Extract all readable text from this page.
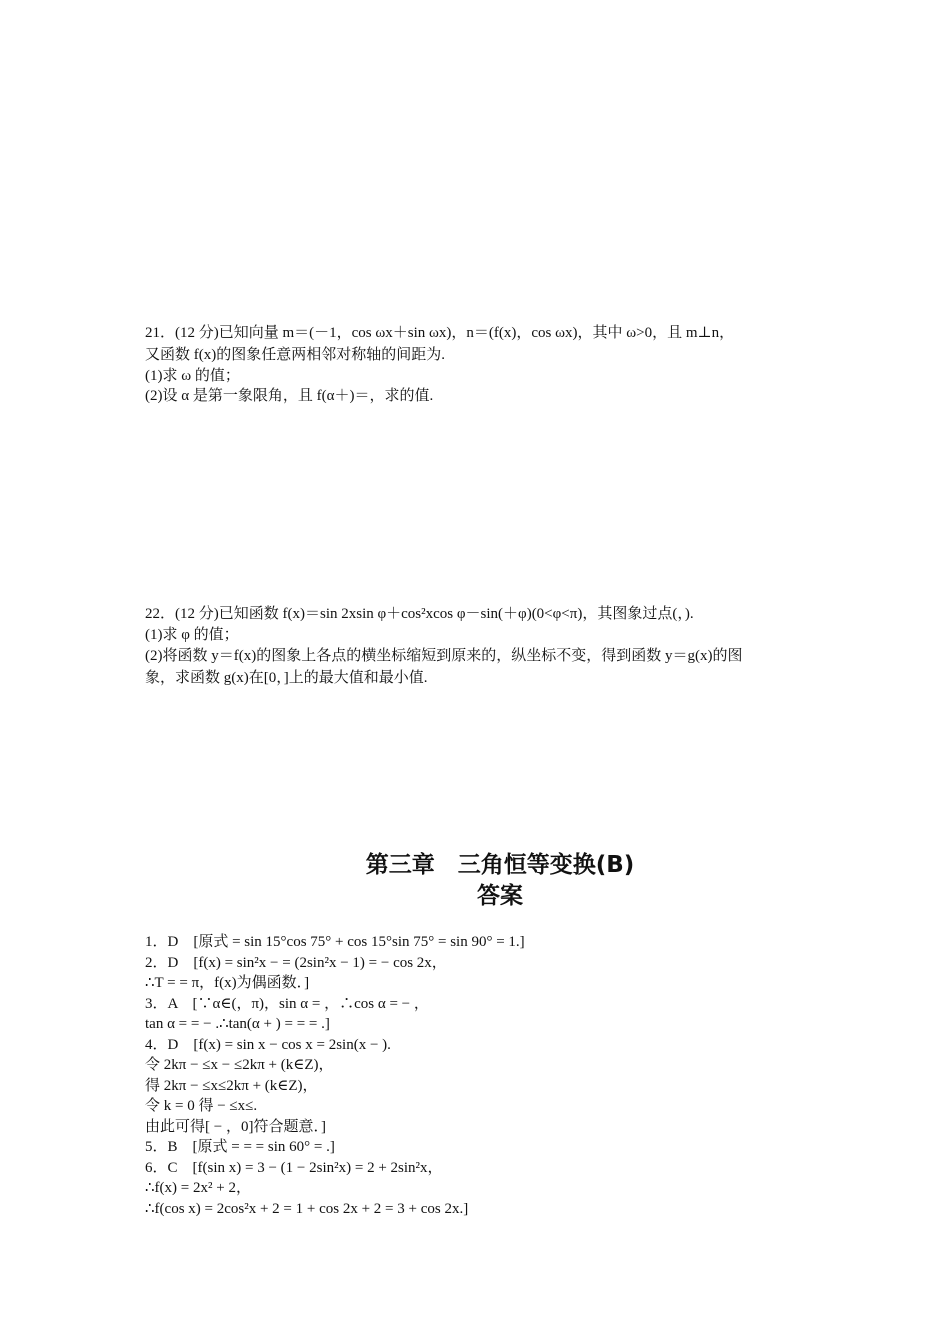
21．(12 分)已知向量 m＝(－1，cos ωx＋sin ωx)，n＝(f(x)，cos ωx)，其中 ω>0，且 m⊥n，
又函数 f(x)的图象任意两相邻对称轴的间距为.
(1)求 ω 的值；
(2)设 α 是第一象限角，且 f(α＋)＝，求的值.
22．(12 分)已知函数 f(x)＝sin 2xsin φ＋cos²xcos φ－sin(＋φ)(0<φ<π)，其图象过点(，).
(1)求 φ 的值；
(2)将函数 y＝f(x)的图象上各点的横坐标缩短到原来的，纵坐标不变，得到函数 y＝g(x)的图
象，求函数 g(x)在[0，]上的最大值和最小值.
第三章　三角恒等变换(B)
答案
1．D　[原式 = sin 15°cos 75° + cos 15°sin 75° = sin 90° = 1.]
2．D　[f(x) = sin²x − = (2sin²x − 1) = − cos 2x，
∴T = = π，f(x)为偶函数．]
3．A　[∵α∈(，π)，sin α = ，∴cos α = − ，
tan α = = − .∴tan(α + ) = = = .]
4．D　[f(x) = sin x − cos x = 2sin(x − ).
令 2kπ − ≤x − ≤2kπ + (k∈Z)，
得 2kπ − ≤x≤2kπ + (k∈Z)，
令 k = 0 得 − ≤x≤.
由此可得[ − ，0]符合题意．]
5．B　[原式 = = = sin 60° = .]
6．C　[f(sin x) = 3 − (1 − 2sin²x) = 2 + 2sin²x，
∴f(x) = 2x² + 2，
∴f(cos x) = 2cos²x + 2 = 1 + cos 2x + 2 = 3 + cos 2x.]
